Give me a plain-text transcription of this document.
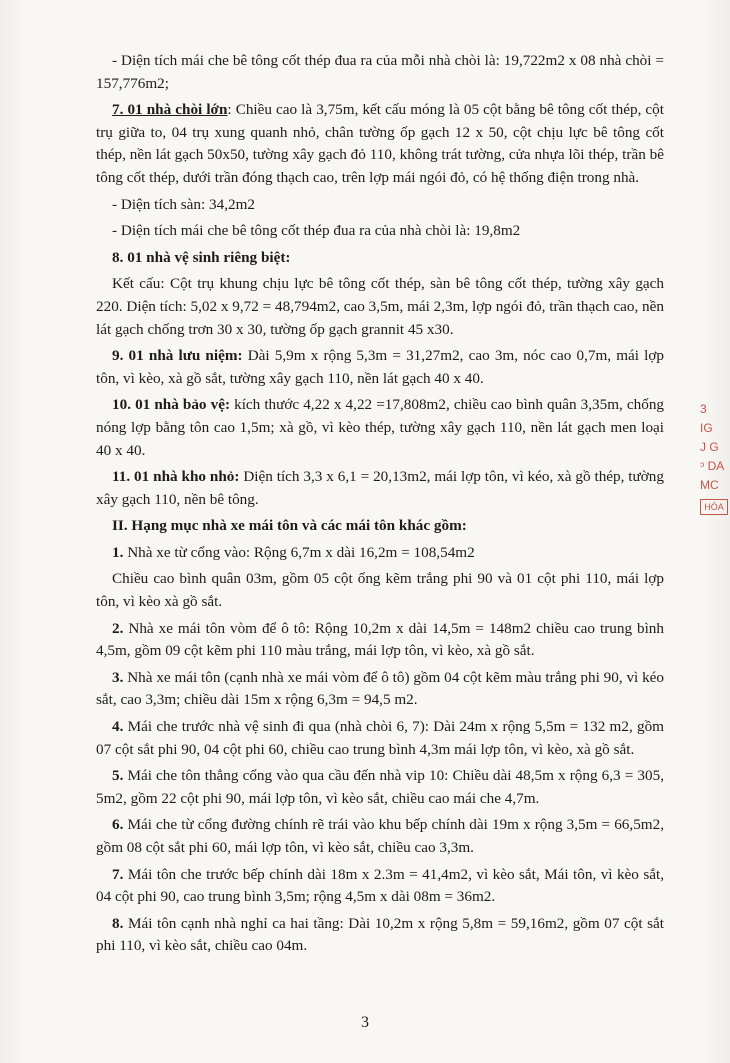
- Diện tích mái che bê tông cốt thép đua ra của mỗi nhà chòi là: 19,722m2 x 08 nhà chòi = 157,776m2;

7. 01 nhà chòi lớn: Chiều cao là 3,75m, kết cấu móng là 05 cột bằng bê tông cốt thép, cột trụ giữa to, 04 trụ xung quanh nhỏ, chân tường ốp gạch 12 x 50, cột chịu lực bê tông cốt thép, nền lát gạch 50x50, tường xây gạch đỏ 110, không trát tường, cửa nhựa lõi thép, trần bê tông cốt thép, dưới trần đóng thạch cao, trên lợp mái ngói đỏ, có hệ thống điện trong nhà.

- Diện tích sàn: 34,2m2

- Diện tích mái che bê tông cốt thép đua ra của nhà chòi là: 19,8m2

8. 01 nhà vệ sinh riêng biệt:

Kết cấu: Cột trụ khung chịu lực bê tông cốt thép, sàn bê tông cốt thép, tường xây gạch 220. Diện tích: 5,02 x 9,72 = 48,794m2, cao 3,5m, mái 2,3m, lợp ngói đỏ, trần thạch cao, nền lát gạch chống trơn 30 x 30, tường ốp gạch grannit 45 x30.

9. 01 nhà lưu niệm: Dài 5,9m x rộng 5,3m = 31,27m2, cao 3m, nóc cao 0,7m, mái lợp tôn, vì kèo, xà gồ sắt, tường xây gạch 110, nền lát gạch 40 x 40.

10. 01 nhà bảo vệ: kích thước 4,22 x 4,22 =17,808m2, chiều cao bình quân 3,35m, chống nóng lợp bằng tôn cao 1,5m; xà gồ, vì kèo thép, tường xây gạch 110, nền lát gạch men loại 40 x 40.

11. 01 nhà kho nhỏ: Diện tích 3,3 x 6,1 = 20,13m2, mái lợp tôn, vì kéo, xà gồ thép, tường xây gạch 110, nền bê tông.

II. Hạng mục nhà xe mái tôn và các mái tôn khác gồm:

1. Nhà xe từ cổng vào: Rộng 6,7m x dài 16,2m = 108,54m2

Chiều cao bình quân 03m, gồm 05 cột ống kẽm trắng phi 90 và 01 cột phi 110, mái lợp tôn, vì kèo xà gồ sắt.

2. Nhà xe mái tôn vòm để ô tô: Rộng 10,2m x dài 14,5m = 148m2 chiều cao trung bình 4,5m, gồm 09 cột kẽm phi 110 màu trắng, mái lợp tôn, vì kèo, xà gồ sắt.

3. Nhà xe mái tôn (cạnh nhà xe mái vòm để ô tô) gồm 04 cột kẽm màu trắng phi 90, vì kéo sắt, cao 3,3m; chiều dài 15m x rộng 6,3m = 94,5 m2.

4. Mái che trước nhà vệ sinh đi qua (nhà chòi 6, 7): Dài 24m x rộng 5,5m = 132 m2, gồm 07 cột sắt phi 90, 04 cột phi 60, chiều cao trung bình 4,3m mái lợp tôn, vì kèo, xà gồ sắt.

5. Mái che tôn thẳng cổng vào qua cầu đến nhà vip 10: Chiều dài 48,5m x rộng 6,3 = 305, 5m2, gồm 22 cột phi 90, mái lợp tôn, vì kèo sắt, chiều cao mái che 4,7m.

6. Mái che từ cổng đường chính rẽ trái vào khu bếp chính dài 19m x rộng 3,5m = 66,5m2, gồm 08 cột sắt phi 60, mái lợp tôn, vì kèo sắt, chiều cao 3,3m.

7. Mái tôn che trước bếp chính dài 18m x 2.3m = 41,4m2, vì kèo sắt, Mái tôn, vì kèo sắt, 04 cột phi 90, cao trung bình 3,5m; rộng 4,5m x dài 08m = 36m2.

8. Mái tôn cạnh nhà nghỉ ca hai tầng: Dài 10,2m x rộng 5,8m = 59,16m2, gồm 07 cột sắt phi 110, vì kèo sắt, chiều cao 04m.

3
IG
J G
ᵓ DA
MC
HÓA
3
